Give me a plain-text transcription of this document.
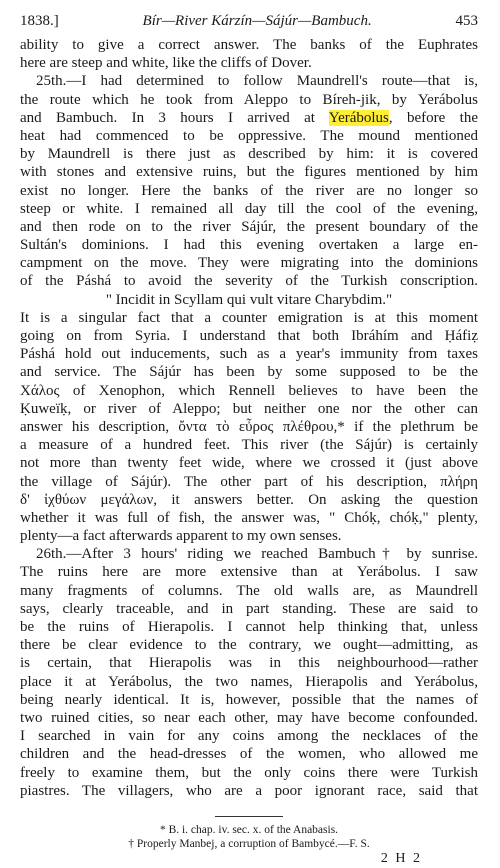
1838.]	Bír—River Kárzín—Sájúr—Bambuch.	453
ability to give a correct answer. The banks of the Euphrates
here are steep and white, like the cliffs of Dover.
25th.—I had determined to follow Maundrell's route—that is,
the route which he took from Aleppo to Bíreh-jik, by Yerábolus
and Bambuch. In 3 hours I arrived at Yerábolus, before the
heat had commenced to be oppressive. The mound mentioned
by Maundrell is there just as described by him: it is covered
with stones and extensive ruins, but the figures mentioned by him
exist no longer. Here the banks of the river are no longer so
steep or white. I remained all day till the cool of the evening,
and then rode on to the river Sájúr, the present boundary of the
Sultán's dominions. I had this evening overtaken a large en-
campment on the move. They were migrating into the dominions
of the Páshá to avoid the severity of the Turkish conscription.
" Incidit in Scyllam qui vult vitare Charybdim."
It is a singular fact that a counter emigration is at this moment
going on from Syria. I understand that both Ibráhím and Ḥáfiẓ
Páshá hold out inducements, such as a year's immunity from taxes
and service. The Sájúr has been by some supposed to be the
Χάλος of Xenophon, which Rennell believes to have been the
Ḳuweïḳ, or river of Aleppo; but neither one nor the other can
answer his description, ὄντα τὸ εὖρος πλέθρου,* if the plethrum be
a measure of a hundred feet. This river (the Sájúr) is certainly
not more than twenty feet wide, where we crossed it (just above
the village of Sájúr). The other part of his description, πλήρη
δ' ἰχθύων μεγάλων, it answers better. On asking the question
whether it was full of fish, the answer was, " Chóḳ, chóḳ," plenty,
plenty—a fact afterwards apparent to my own senses.
26th.—After 3 hours' riding we reached Bambuch† by sunrise.
The ruins here are more extensive than at Yerábolus. I saw
many fragments of columns. The old walls are, as Maundrell
says, clearly traceable, and in part standing. These are said to
be the ruins of Hierapolis. I cannot help thinking that, unless
there be clear evidence to the contrary, we ought—admitting, as
is certain, that Hierapolis was in this neighbourhood—rather
place it at Yerábolus, the two names, Hierapolis and Yerábolus,
being nearly identical. It is, however, possible that the names of
two ruined cities, so near each other, may have become confounded.
I searched in vain for any coins among the necklaces of the
children and the head-dresses of the women, who allowed me
freely to examine them, but the only coins there were Turkish
piastres. The villagers, who are a poor ignorant race, said that
* B. i. chap. iv. sec. x. of the Anabasis.
† Properly Manbej, a corruption of Bambycé.—F. S.
2 H 2
